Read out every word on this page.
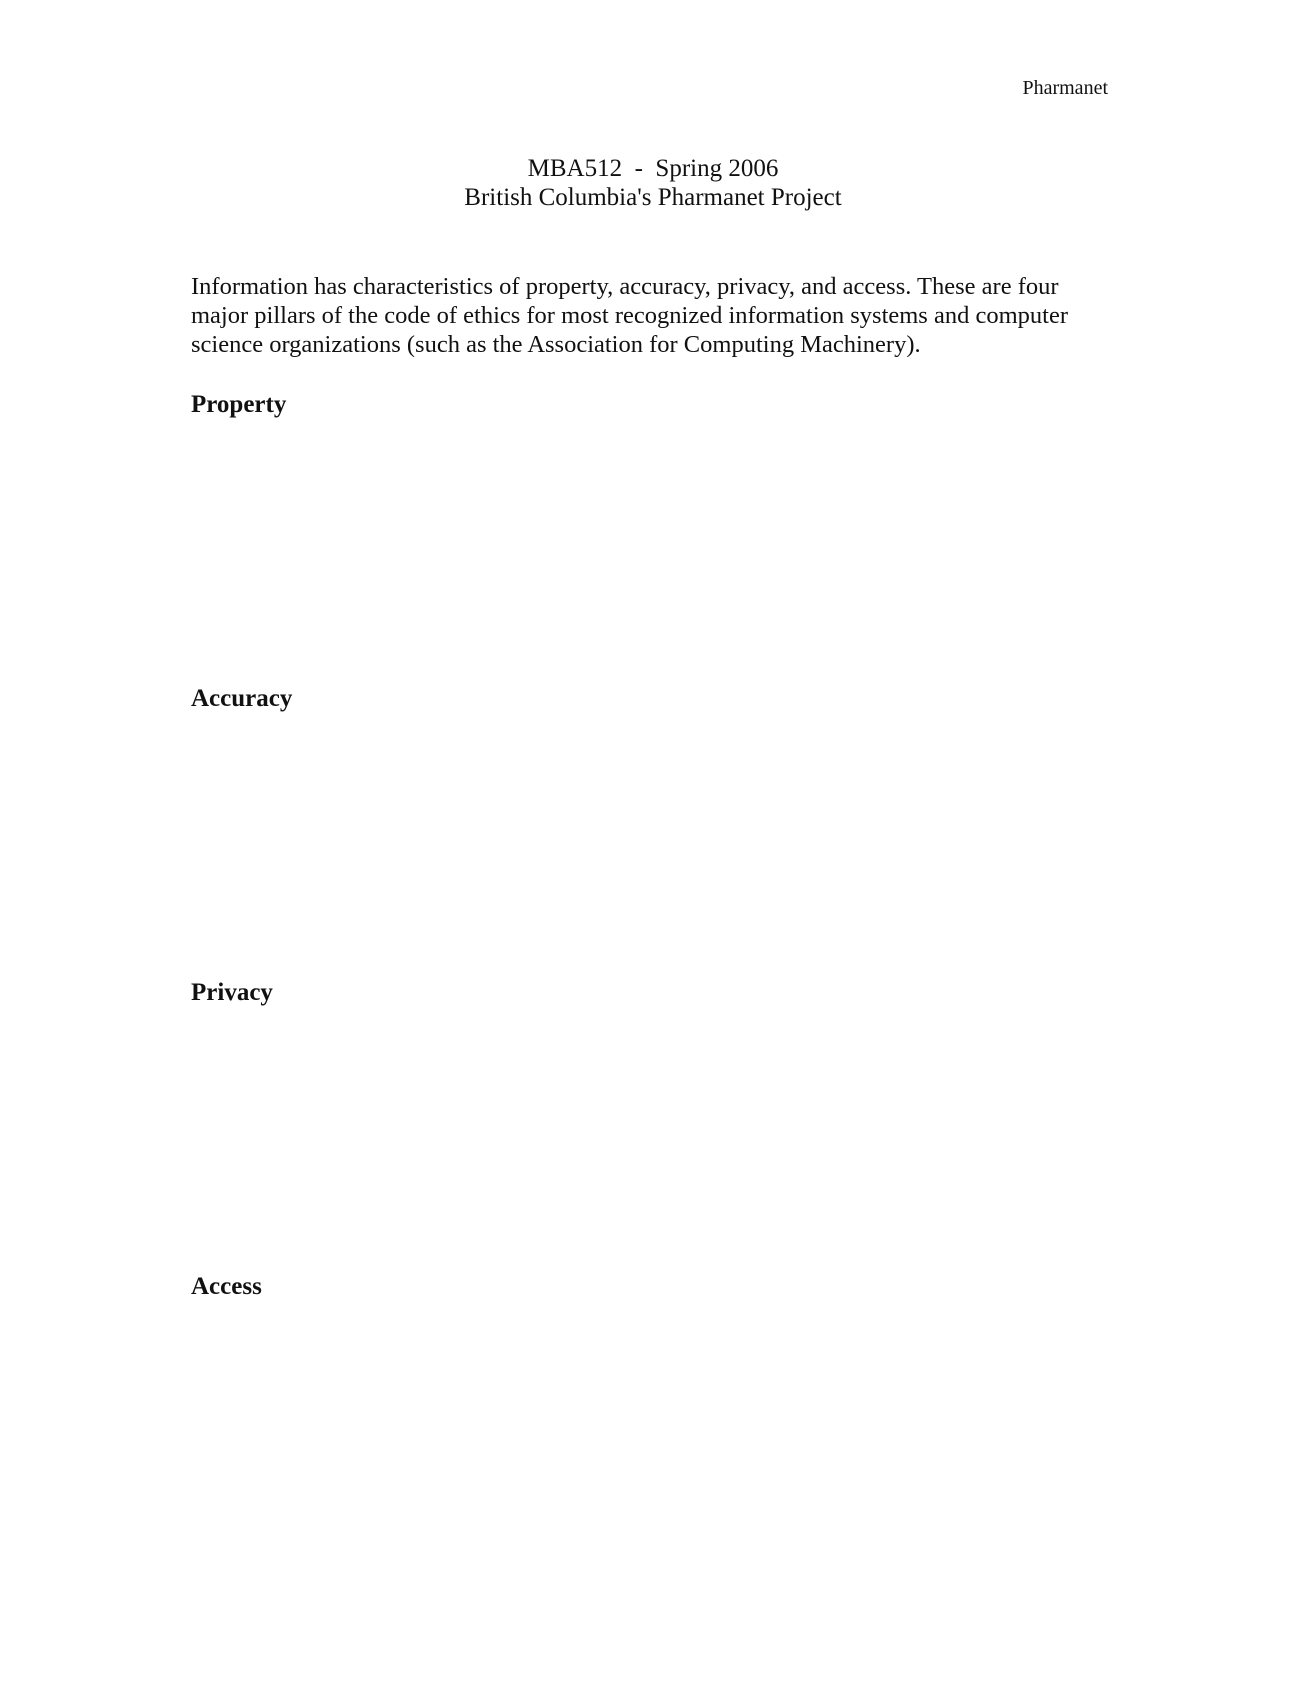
Pharmanet
MBA512  -  Spring 2006
British Columbia's Pharmanet Project

Information has characteristics of property, accuracy, privacy, and access. These are four major pillars of the code of ethics for most recognized information systems and computer science organizations (such as the Association for Computing Machinery).

Property
Accuracy
Privacy
Access
